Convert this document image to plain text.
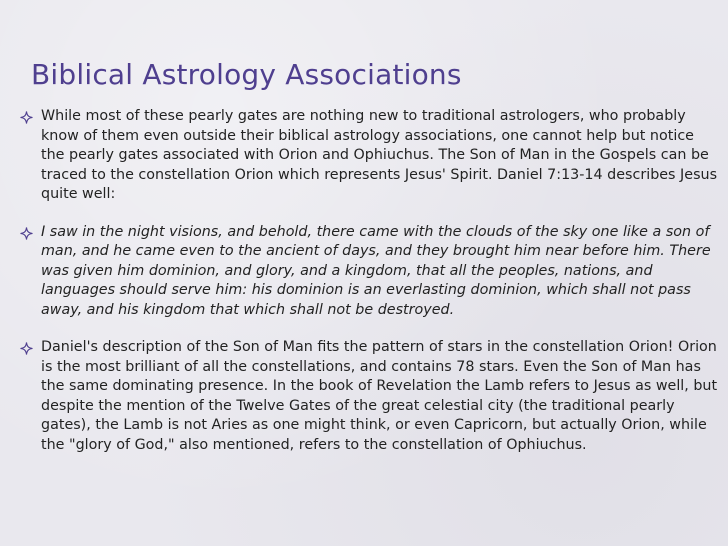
Biblical Astrology Associations
While most of these pearly gates are nothing new to traditional astrologers, who probably know of them even outside their biblical astrology associations, one cannot help but notice the pearly gates associated with Orion and Ophiuchus. The Son of Man in the Gospels can be traced to the constellation Orion which represents Jesus' Spirit. Daniel 7:13-14 describes Jesus quite well:
I saw in the night visions, and behold, there came with the clouds of the sky one like a son of man, and he came even to the ancient of days, and they brought him near before him. There was given him dominion, and glory, and a kingdom, that all the peoples, nations, and languages should serve him: his dominion is an everlasting dominion, which shall not pass away, and his kingdom that which shall not be destroyed.
Daniel's description of the Son of Man fits the pattern of stars in the constellation Orion! Orion is the most brilliant of all the constellations, and contains 78 stars. Even the Son of Man has the same dominating presence. In the book of Revelation the Lamb refers to Jesus as well, but despite the mention of the Twelve Gates of the great celestial city (the traditional pearly gates), the Lamb is not Aries as one might think, or even Capricorn, but actually Orion, while the "glory of God," also mentioned, refers to the constellation of Ophiuchus.
